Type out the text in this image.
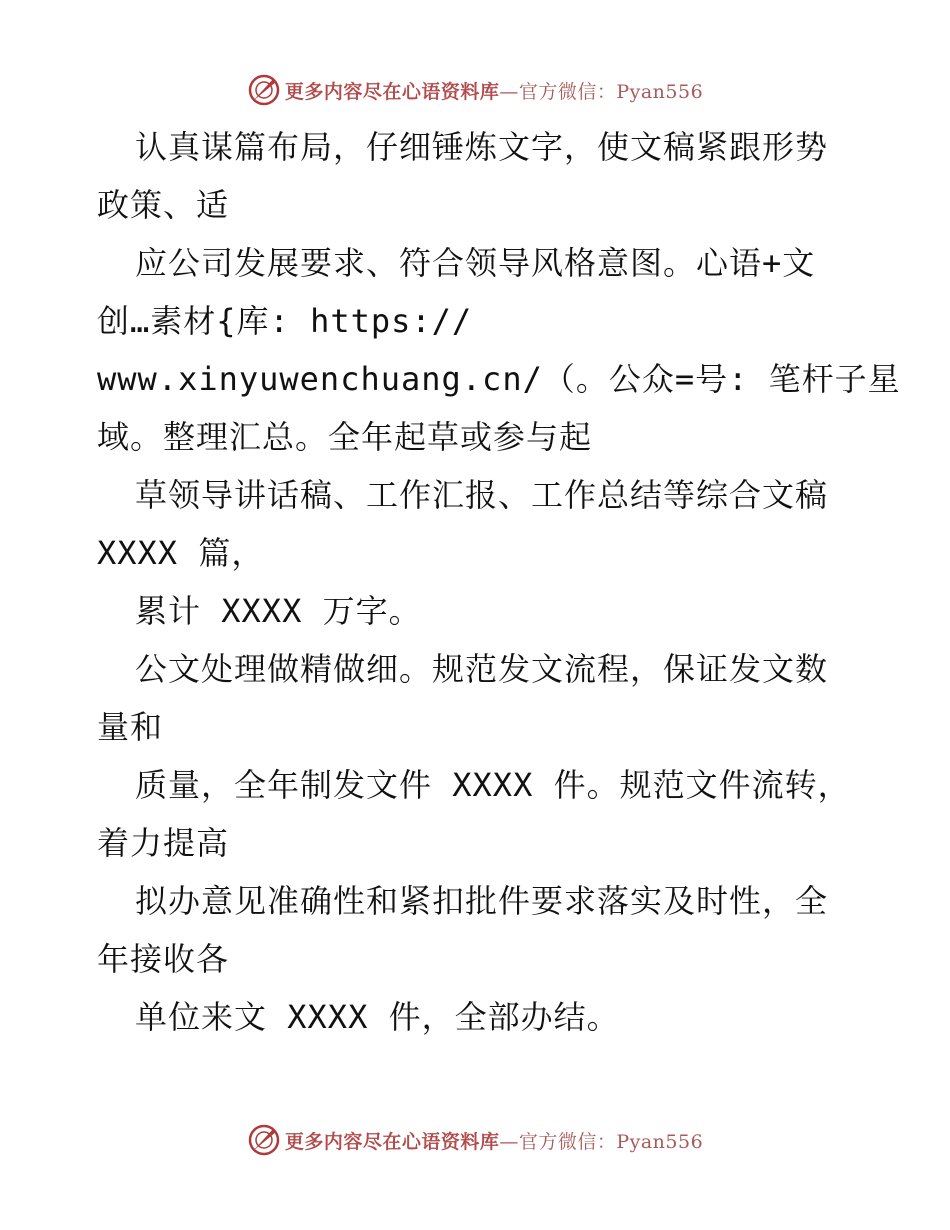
更多内容尽在心语资料库—官方微信：Pyan556
认真谋篇布局，仔细锤炼文字，使文稿紧跟形势
政策、适
应公司发展要求、符合领导风格意图。心语+文
创…素材{库: https://
www.xinyuwenchuang.cn/（。公众=号: 笔杆子星
域。整理汇总。全年起草或参与起
草领导讲话稿、工作汇报、工作总结等综合文稿
XXXX 篇，
累计 XXXX 万字。
公文处理做精做细。规范发文流程，保证发文数
量和
质量，全年制发文件 XXXX 件。规范文件流转，
着力提高
拟办意见准确性和紧扣批件要求落实及时性，全
年接收各
单位来文 XXXX 件，全部办结。
更多内容尽在心语资料库—官方微信：Pyan556
